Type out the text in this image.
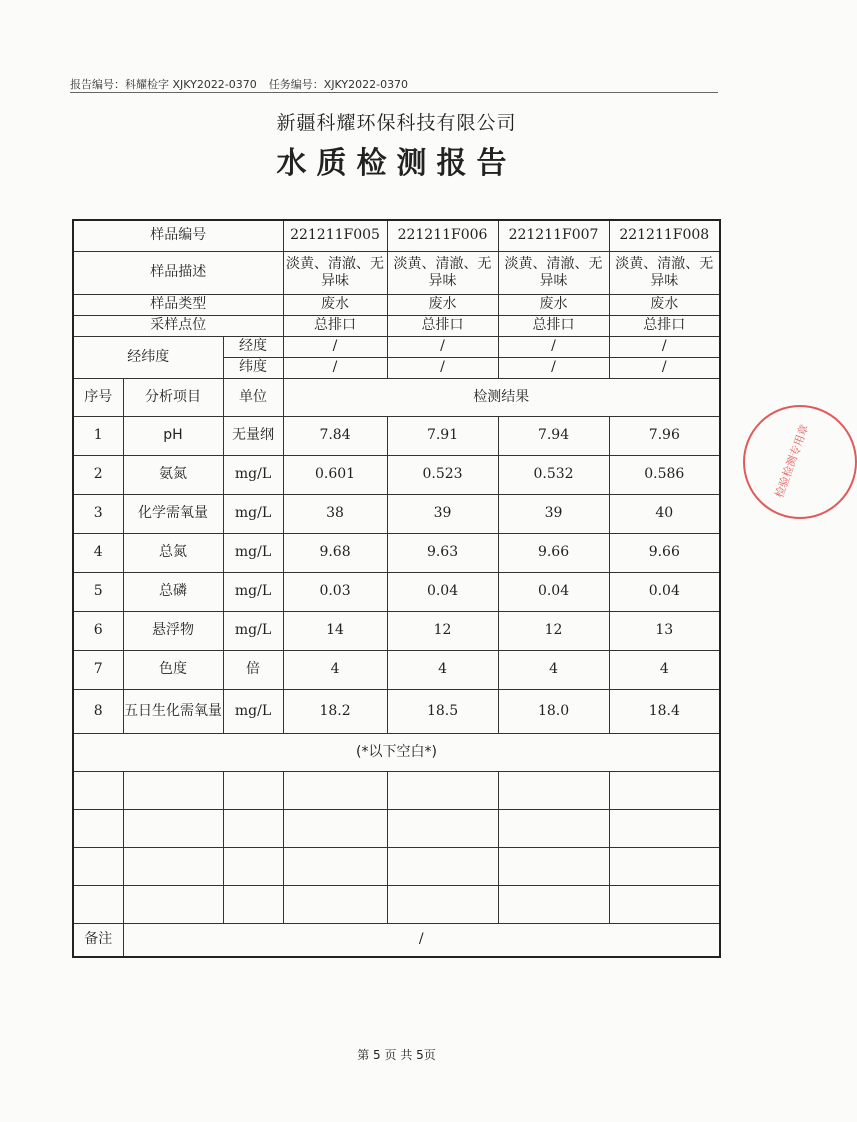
报告编号：科耀检字 XJKY2022-0370 任务编号：XJKY2022-0370
新疆科耀环保科技有限公司
水质检测报告
样品编号			221211F005	221211F006	221211F007	221211F008
样品描述			淡黄、清澈、无异味	淡黄、清澈、无异味	淡黄、清澈、无异味	淡黄、清澈、无异味
样品类型			废水	废水	废水	废水
采样点位			总排口	总排口	总排口	总排口
经纬度		经度	/	/	/	/
		纬度	/	/	/	/
序号	分析项目	单位	检测结果			
1	pH	无量纲	7.84	7.91	7.94	7.96
2	氨氮	mg/L	0.601	0.523	0.532	0.586
3	化学需氧量	mg/L	38	39	39	40
4	总氮	mg/L	9.68	9.63	9.66	9.66
5	总磷	mg/L	0.03	0.04	0.04	0.04
6	悬浮物	mg/L	14	12	12	13
7	色度	倍	4	4	4	4
8	五日生化需氧量	mg/L	18.2	18.5	18.0	18.4
(*以下空白*)						

备注	/					
检验检测专用章
第 5 页 共 5页
